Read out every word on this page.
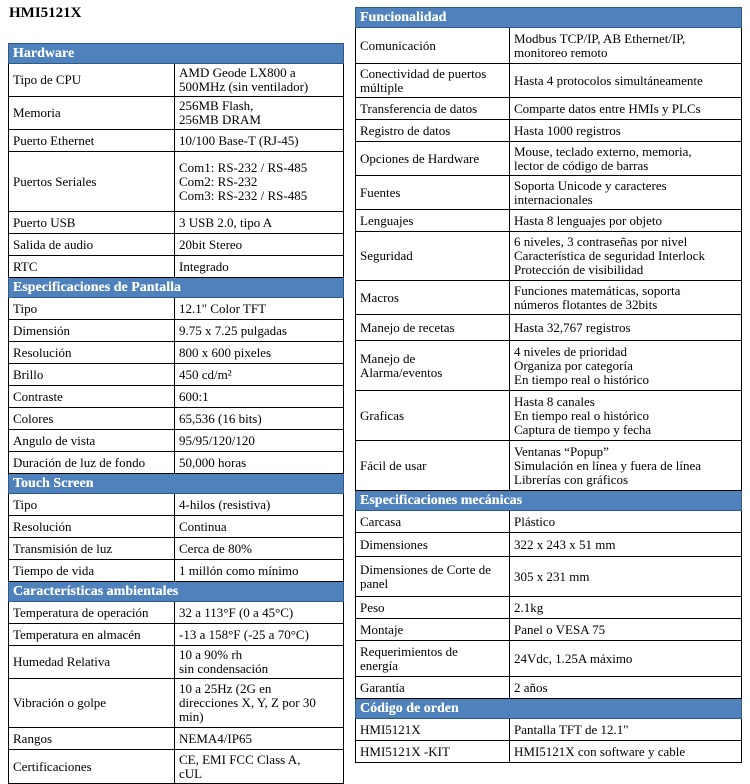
HMI5121X
Hardware	
Tipo de CPU	AMD Geode LX800 a
500MHz (sin ventilador)
Memoria	256MB Flash,
256MB DRAM
Puerto Ethernet	10/100 Base-T (RJ-45)
Puertos Seriales	Com1: RS-232 / RS-485
Com2: RS-232
Com3: RS-232 / RS-485
Puerto USB	3 USB 2.0, tipo A
Salida de audio	20bit Stereo
RTC	Integrado
Especificaciones de Pantalla	
Tipo	12.1" Color TFT
Dimensión	9.75 x 7.25 pulgadas
Resolución	800 x 600 pixeles
Brillo	450 cd/m²
Contraste	600:1
Colores	65,536 (16 bits)
Angulo de vista	95/95/120/120
Duración de luz de fondo	50,000 horas
Touch Screen	
Tipo	4-hilos (resistiva)
Resolución	Continua
Transmisión de luz	Cerca de 80%
Tiempo de vida	1 millón como mínimo
Características ambientales	
Temperatura de operación	32 a 113°F (0 a 45°C)
Temperatura en almacén	-13 a 158°F (-25 a 70°C)
Humedad Relativa	10 a 90% rh
sin condensación
Vibración o golpe	10 a 25Hz (2G en
direcciones X, Y, Z por 30
min)
Rangos	NEMA4/IP65
Certificaciones	CE, EMI FCC Class A,
cUL
Funcionalidad	
Comunicación	Modbus TCP/IP, AB Ethernet/IP,
monitoreo remoto
Conectividad de puertos
múltiple	Hasta 4 protocolos simultáneamente
Transferencia de datos	Comparte datos entre HMIs y PLCs
Registro de datos	Hasta 1000 registros
Opciones de Hardware	Mouse, teclado externo, memoria,
lector de código de barras
Fuentes	Soporta Unicode y caracteres
internacionales
Lenguajes	Hasta 8 lenguajes por objeto
Seguridad	6 niveles, 3 contraseñas por nivel
Característica de seguridad Interlock
Protección de visibilidad
Macros	Funciones matemáticas, soporta
números flotantes de 32bits
Manejo de recetas	Hasta 32,767 registros
Manejo de
Alarma/eventos	4 niveles de prioridad
Organiza por categoría
En tiempo real o histórico
Graficas	Hasta 8 canales
En tiempo real o histórico
Captura de tiempo y fecha
Fácil de usar	Ventanas “Popup”
Simulación en línea y fuera de línea
Librerías con gráficos
Especificaciones mecánicas	
Carcasa	Plástico
Dimensiones	322 x 243 x 51 mm
Dimensiones de Corte de
panel	305 x 231 mm
Peso	2.1kg
Montaje	Panel o VESA 75
Requerimientos de
energía	24Vdc, 1.25A máximo
Garantía	2 años
Código de orden	
HMI5121X	Pantalla TFT de 12.1"
HMI5121X -KIT	HMI5121X con software y cable
